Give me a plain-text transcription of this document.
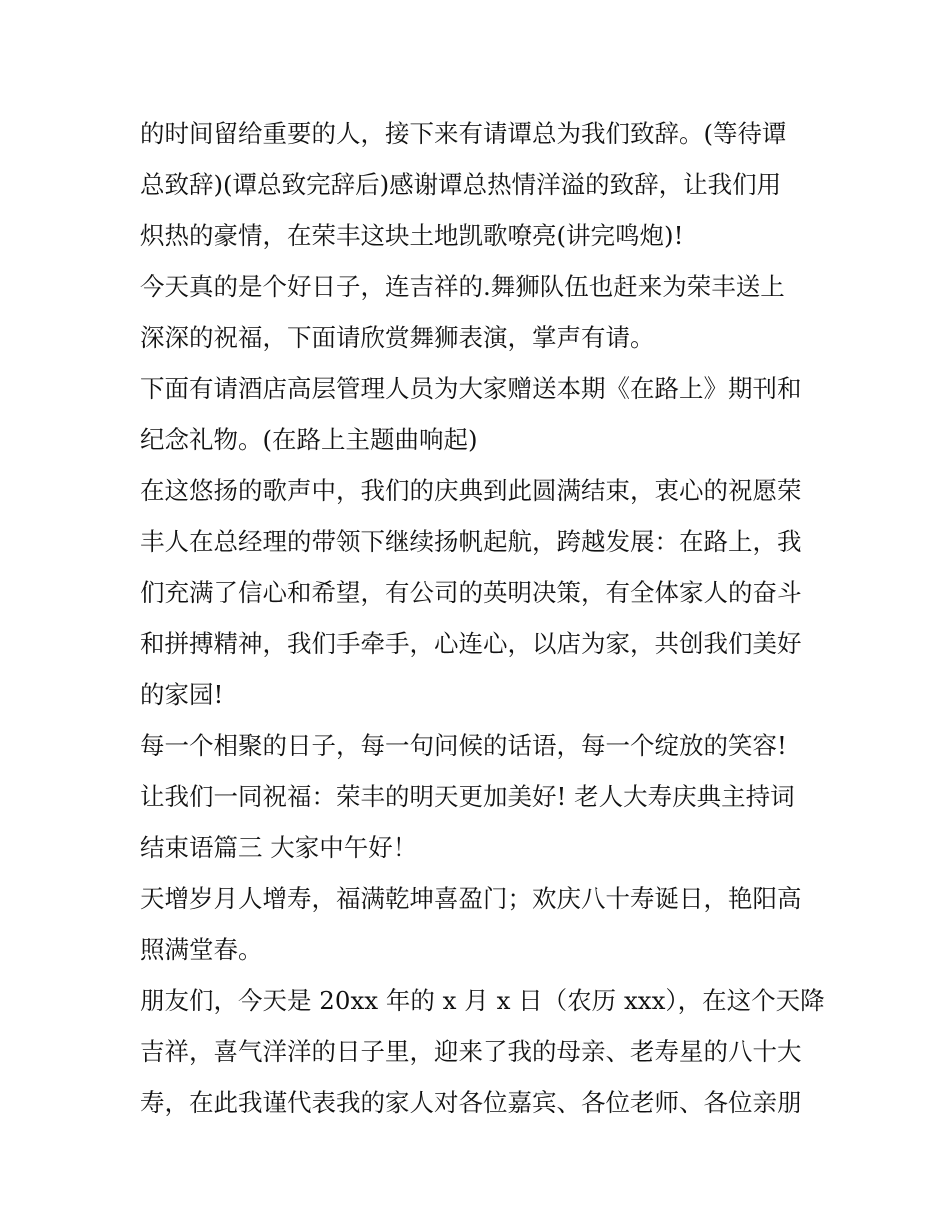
的时间留给重要的人，接下来有请谭总为我们致辞。(等待谭
总致辞)(谭总致完辞后)感谢谭总热情洋溢的致辞，让我们用
炽热的豪情，在荣丰这块土地凯歌嘹亮(讲完鸣炮)!
今天真的是个好日子，连吉祥的.舞狮队伍也赶来为荣丰送上
深深的祝福，下面请欣赏舞狮表演，掌声有请。
下面有请酒店高层管理人员为大家赠送本期《在路上》期刊和
纪念礼物。(在路上主题曲响起)
在这悠扬的歌声中，我们的庆典到此圆满结束，衷心的祝愿荣
丰人在总经理的带领下继续扬帆起航，跨越发展：在路上，我
们充满了信心和希望，有公司的英明决策，有全体家人的奋斗
和拼搏精神，我们手牵手，心连心，以店为家，共创我们美好
的家园!
每一个相聚的日子，每一句问候的话语，每一个绽放的笑容!
让我们一同祝福：荣丰的明天更加美好! 老人大寿庆典主持词
结束语篇三 大家中午好！
天增岁月人增寿，福满乾坤喜盈门；欢庆八十寿诞日，艳阳高
照满堂春。
朋友们，今天是 20xx 年的 x 月 x 日（农历 xxx），在这个天降
吉祥，喜气洋洋的日子里，迎来了我的母亲、老寿星的八十大
寿，在此我谨代表我的家人对各位嘉宾、各位老师、各位亲朋
